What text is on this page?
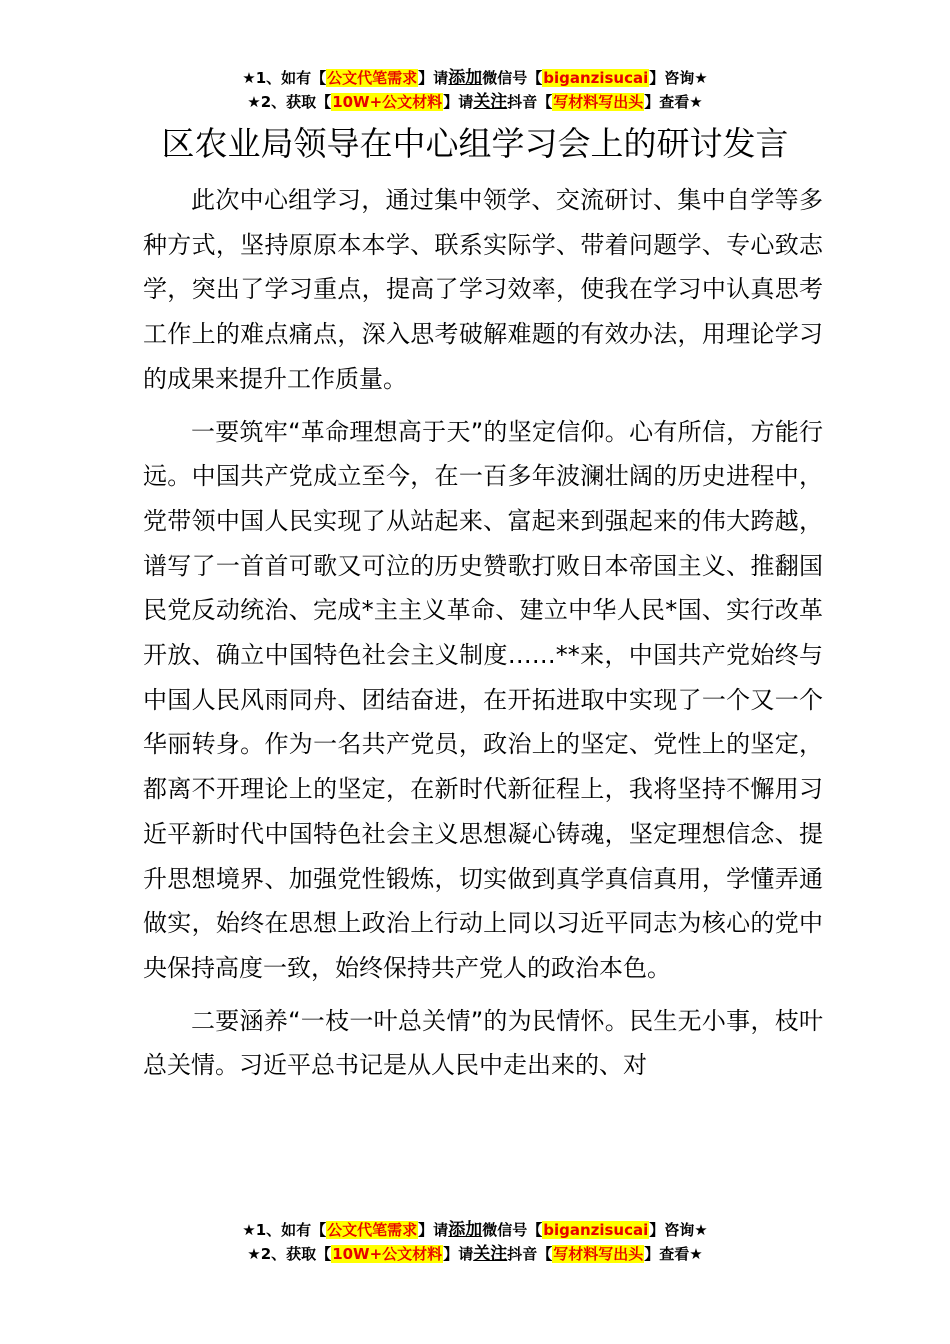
★1、如有【公文代笔需求】请添加微信号【biganzisucai】咨询★
★2、获取【10W+公文材料】请关注抖音【写材料写出头】查看★
区农业局领导在中心组学习会上的研讨发言

此次中心组学习，通过集中领学、交流研讨、集中自学等多种方式，坚持原原本本学、联系实际学、带着问题学、专心致志学，突出了学习重点，提高了学习效率，使我在学习中认真思考工作上的难点痛点，深入思考破解难题的有效办法，用理论学习的成果来提升工作质量。

一要筑牢“革命理想高于天”的坚定信仰。心有所信，方能行远。中国共产党成立至今，在一百多年波澜壮阔的历史进程中，党带领中国人民实现了从站起来、富起来到强起来的伟大跨越，谱写了一首首可歌又可泣的历史赞歌打败日本帝国主义、推翻国民党反动统治、完成*主主义革命、建立中华人民*国、实行改革开放、确立中国特色社会主义制度……**来，中国共产党始终与中国人民风雨同舟、团结奋进，在开拓进取中实现了一个又一个华丽转身。作为一名共产党员，政治上的坚定、党性上的坚定，都离不开理论上的坚定，在新时代新征程上，我将坚持不懈用习近平新时代中国特色社会主义思想凝心铸魂，坚定理想信念、提升思想境界、加强党性锻炼，切实做到真学真信真用，学懂弄通做实，始终在思想上政治上行动上同以习近平同志为核心的党中央保持高度一致，始终保持共产党人的政治本色。

二要涵养“一枝一叶总关情”的为民情怀。民生无小事，枝叶总关情。习近平总书记是从人民中走出来的、对

★1、如有【公文代笔需求】请添加微信号【biganzisucai】咨询★
★2、获取【10W+公文材料】请关注抖音【写材料写出头】查看★
